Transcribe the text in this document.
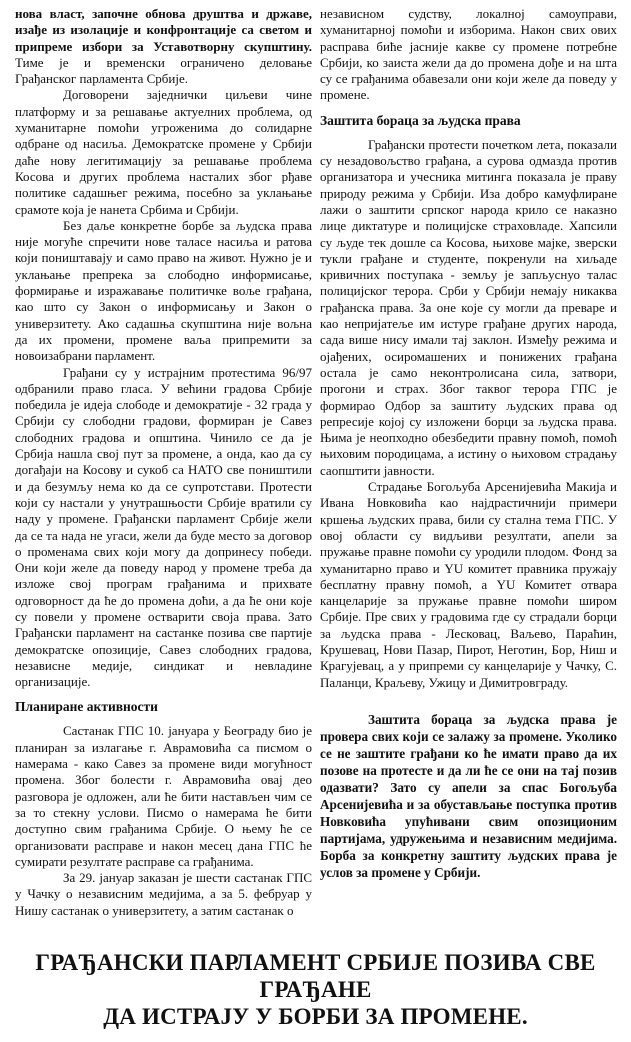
нова власт, започне обнова друштва и државе, изађе из изолације и конфронтације са светом и припреме избори за Уставотворну скупштину. Тиме је и временски ограничено деловање Грађанског парламента Србије.

Договорени заједнички циљеви чине платформу и за решавање актуелних проблема, од хуманитарне помоћи угроженима до солидарне одбране од насиља. Демократске промене у Србији даће нову легитимацију за решавање проблема Косова и других проблема насталих због рђаве политике садашњег режима, посебно за уклањање срамоте која је нанета Србима и Србији.

Без даље конкретне борбе за људска права није могуће спречити нове таласе насиља и ратова који поништавају и само право на живот. Нужно је и уклањање препрека за слободно информисање, формирање и изражавање политичке воље грађана, као што су Закон о информисању и Закон о универзитету. Ако садашња скупштина није вољна да их промени, промене ваља припремити за новоизабрани парламент.

Грађани су у истрајним протестима 96/97 одбранили право гласа. У већини градова Србије победила је идеја слободе и демократије - 32 града у Србији су слободни градови, формиран је Савез слободних градова и општина. Чинило се да је Србија нашла свој пут за промене, а онда, као да су догађаји на Косову и сукоб са НАТО све поништили и да безумљу нема ко да се супротстави. Протести који су настали у унутрашњости Србије вратили су наду у промене. Грађански парламент Србије жели да се та нада не угаси, жели да буде место за договор о променама свих који могу да допринесу победи. Они који желе да поведу народ у промене треба да изложе свој програм грађанима и прихвате одговорност да ће до промена доћи, а да ће они које су повели у промене остварити своја права. Зато Грађански парламент на састанке позива све партије демократске опозиције, Савез слободних градова, независне медије, синдикат и невладине организације.

Планиране активности

Састанак ГПС 10. јануара у Београду био је планиран за излагање г. Аврамовића са писмом о намерама - како Савез за промене види могућност промена. Због болести г. Аврамовића овај део разговора је одложен, али ће бити настављен чим се за то стекну услови. Писмо о намерама ће бити доступно свим грађанима Србије. О њему ће се организовати расправе и након месец дана ГПС ће сумирати резултате расправе са грађанима.

За 29. јануар заказан је шести састанак ГПС у Чачку о независним медијима, а за 5. фебруар у Нишу састанак о универзитету, а затим састанак о

независном судству, локалној самоуправи, хуманитарној помоћи и изборима. Након свих ових расправа биће јасније какве су промене потребне Србији, ко заиста жели да до промена дође и на шта су се грађанима обавезали они који желе да поведу у промене.

Заштита бораца за људска права

Грађански протести почетком лета, показали су незадовољство грађана, а сурова одмазда против организатора и учесника митинга показала је праву природу режима у Србији. Иза добро камуфлиране лажи о заштити српског народа крило се наказно лице диктатуре и полицијске страховладе. Хапсили су људе тек дошле са Косова, њихове мајке, зверски тукли грађане и студенте, покренули на хиљаде кривичних поступака - земљу је запљуснуо талас полицијског терора. Срби у Србији немају никаква грађанска права. За оне које су могли да преваре и као непријатеље им истуре грађане других народа, сада више нису имали тај заклон. Између режима и ојађених, осиромашених и понижених грађана остала је само неконтролисана сила, затвори, прогони и страх. Због таквог терора ГПС је формирао Одбор за заштиту људских права од репресије којој су изложени борци за људска права. Њима је неопходно обезбедити правну помоћ, помоћ њиховим породицама, а истину о њиховом страдању саопштити јавности.

Страдање Богољуба Арсенијевића Макија и Ивана Новковића као најдрастичнији примери кршења људских права, били су стална тема ГПС. У овој области су видљиви резултати, апели за пружање правне помоћи су уродили плодом. Фонд за хуманитарно право и YU комитет правника пружају бесплатну правну помоћ, а YU Комитет отвара канцеларије за пружање правне помоћи широм Србије. Пре свих у градовима где су страдали борци за људска права - Лесковац, Ваљево, Параћин, Крушевац, Нови Пазар, Пирот, Неготин, Бор, Ниш и Крагујевац, а у припреми су канцеларије у Чачку, С. Паланци, Краљеву, Ужицу и Димитровграду.

Заштита бораца за људска права је провера свих који се залажу за промене. Уколико се не заштите грађани ко ће имати право да их позове на протесте и да ли ће се они на тај позив одазвати? Зато су апели за спас Богољуба Арсенијевића и за обустављање поступка против Новковића упућивани свим опозиционим партијама, удружењима и независним медијима. Борба за конкретну заштиту људских права је услов за промене у Србији.

ГРАЂАНСКИ ПАРЛАМЕНТ СРБИЈЕ ПОЗИВА СВЕ ГРАЂАНЕ
ДА ИСТРАЈУ У БОРБИ ЗА ПРОМЕНЕ.
